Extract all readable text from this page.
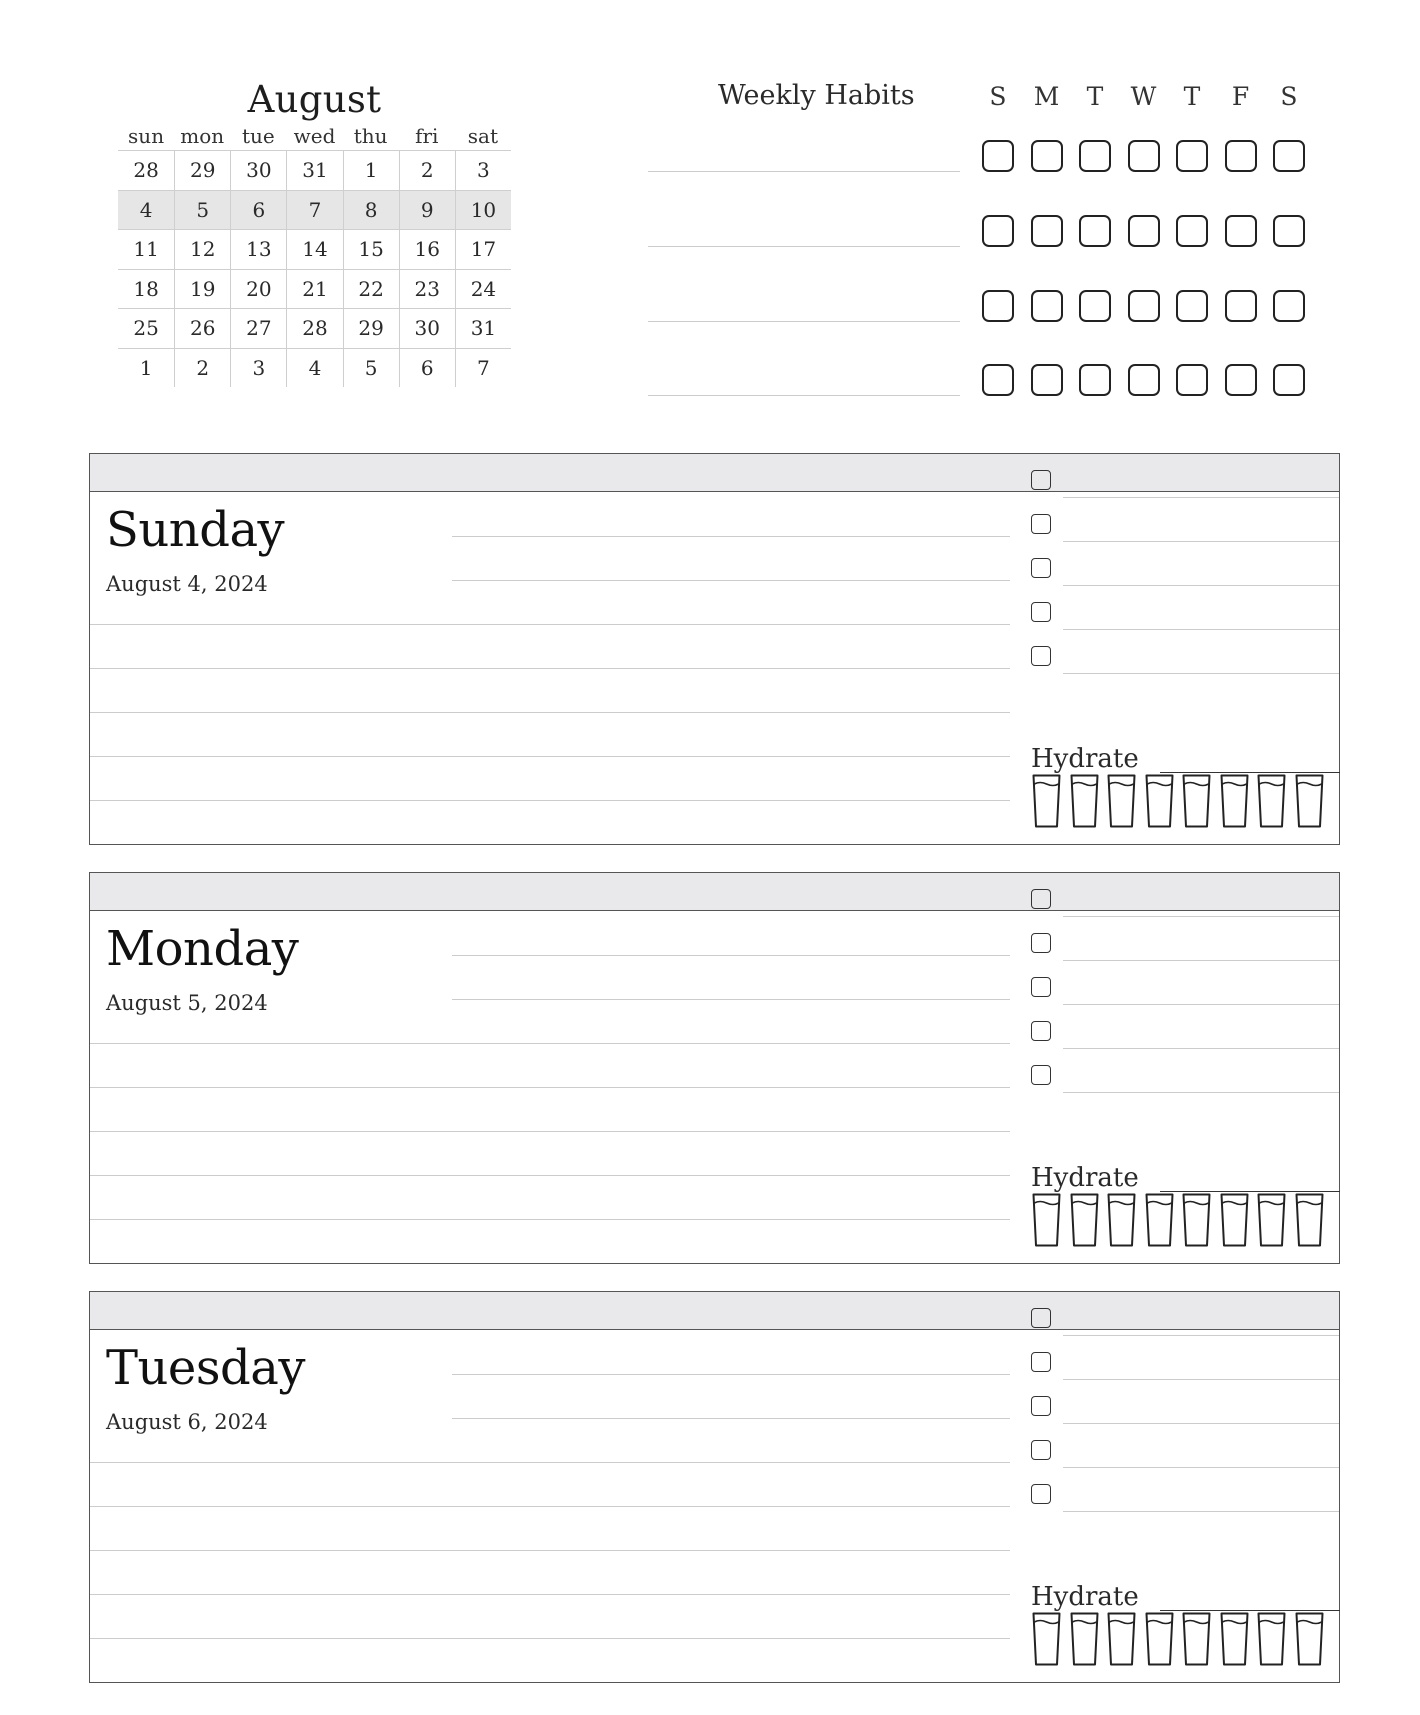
August
sun mon tue wed thu	fri	sat
28	29	30	31	1	2	3
4	5	6	7	8	9	10
11	12	13	14	15	16	17
18	19	20	21	22	23	24
25	26	27	28	29	30	31
1	2	3	4	5	6	7
Weekly Habits	S	M	T	W	T	F	S
Sunday
August 4, 2024
Hydrate
Monday
August 5, 2024
Hydrate
Tuesday
August 6, 2024
Hydrate
